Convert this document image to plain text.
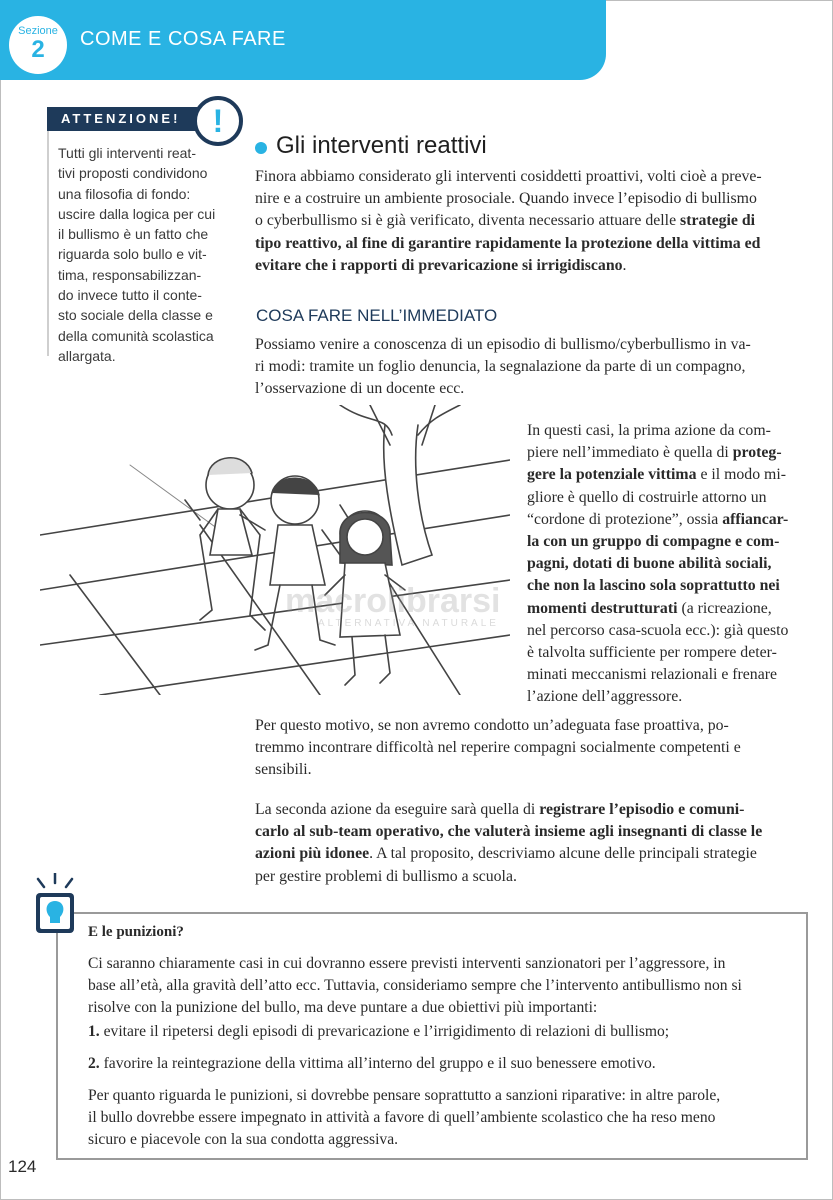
Sezione
2	COME E COSA FARE
ATTENZIONE!	!
Tutti gli interventi reat-
tivi proposti condividono
una filosofia di fondo:
uscire dalla logica per cui
il bullismo è un fatto che
riguarda solo bullo e vit-
tima, responsabilizzan-
do invece tutto il conte-
sto sociale della classe e
della comunità scolastica
allargata.
Gli interventi reattivi
Finora abbiamo considerato gli interventi cosiddetti proattivi, volti cioè a preve-
nire e a costruire un ambiente prosociale. Quando invece l’episodio di bullismo
o cyberbullismo si è già verificato, diventa necessario attuare delle strategie di
tipo reattivo, al fine di garantire rapidamente la protezione della vittima ed
evitare che i rapporti di prevaricazione si irrigidiscano.
COSA FARE NELL’IMMEDIATO
Possiamo venire a conoscenza di un episodio di bullismo/cyberbullismo in va-
ri modi: tramite un foglio denuncia, la segnalazione da parte di un compagno,
l’osservazione di un docente ecc.
macrolibrarsi
ALTERNATIVA NATURALE
In questi casi, la prima azione da com-
piere nell’immediato è quella di proteg-
gere la potenziale vittima e il modo mi-
gliore è quello di costruirle attorno un
“cordone di protezione”, ossia affiancar-
la con un gruppo di compagne e com-
pagni, dotati di buone abilità sociali,
che non la lascino sola soprattutto nei
momenti destrutturati (a ricreazione,
nel percorso casa-scuola ecc.): già questo
è talvolta sufficiente per rompere deter-
minati meccanismi relazionali e frenare
l’azione dell’aggressore.
Per questo motivo, se non avremo condotto un’adeguata fase proattiva, po-
tremmo incontrare difficoltà nel reperire compagni socialmente competenti e
sensibili.
La seconda azione da eseguire sarà quella di registrare l’episodio e comuni-
carlo al sub-team operativo, che valuterà insieme agli insegnanti di classe le
azioni più idonee. A tal proposito, descriviamo alcune delle principali strategie
per gestire problemi di bullismo a scuola.
E le punizioni?
Ci saranno chiaramente casi in cui dovranno essere previsti interventi sanzionatori per l’aggressore, in
base all’età, alla gravità dell’atto ecc. Tuttavia, consideriamo sempre che l’intervento antibullismo non si
risolve con la punizione del bullo, ma deve puntare a due obiettivi più importanti:
1. evitare il ripetersi degli episodi di prevaricazione e l’irrigidimento di relazioni di bullismo;
2. favorire la reintegrazione della vittima all’interno del gruppo e il suo benessere emotivo.
Per quanto riguarda le punizioni, si dovrebbe pensare soprattutto a sanzioni riparative: in altre parole,
il bullo dovrebbe essere impegnato in attività a favore di quell’ambiente scolastico che ha reso meno
sicuro e piacevole con la sua condotta aggressiva.
124
